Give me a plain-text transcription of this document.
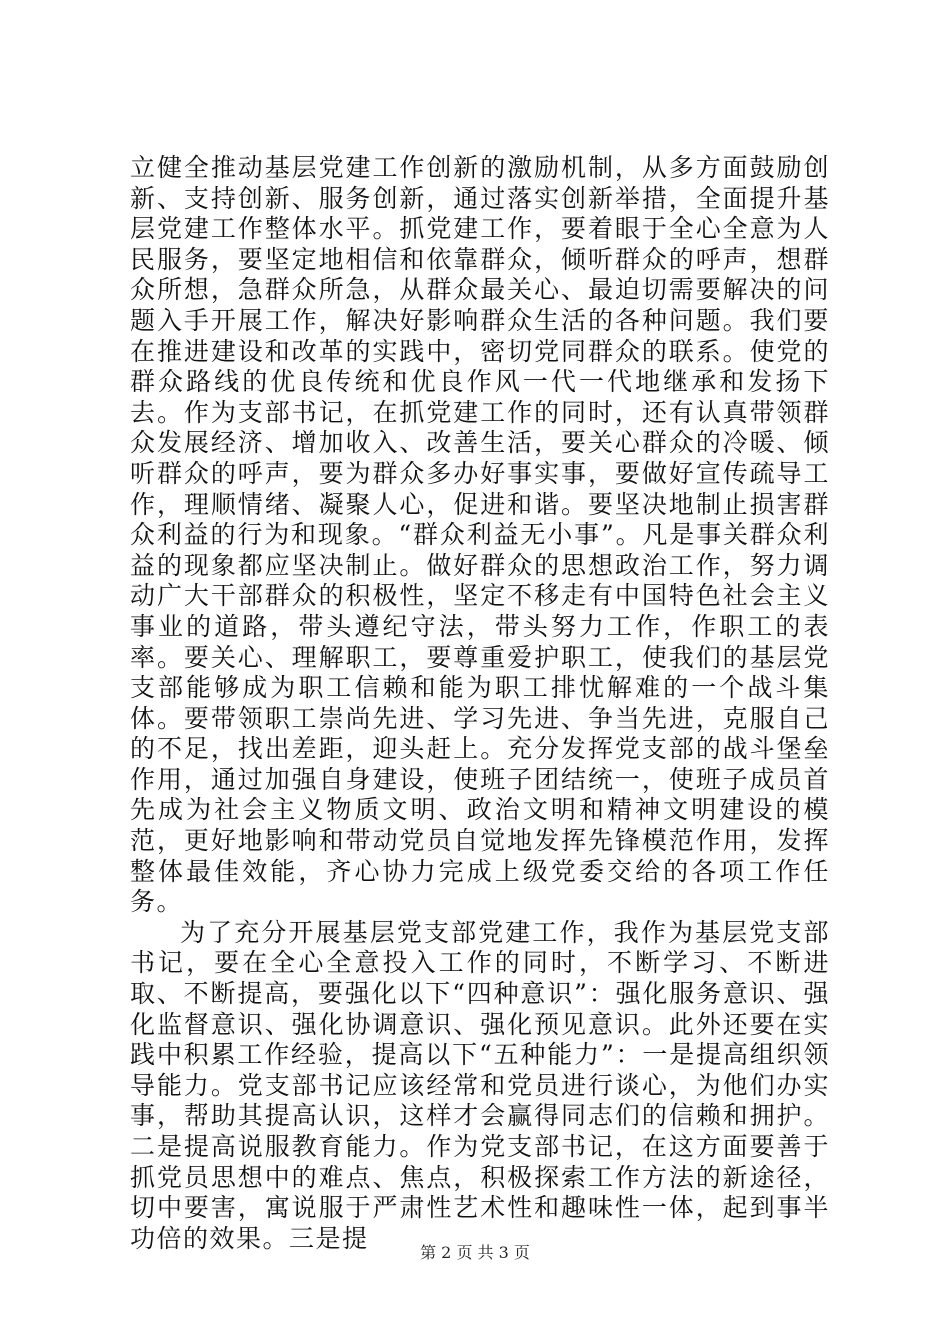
立健全推动基层党建工作创新的激励机制，从多方面鼓励创新、支持创新、服务创新，通过落实创新举措，全面提升基层党建工作整体水平。抓党建工作，要着眼于全心全意为人民服务，要坚定地相信和依靠群众，倾听群众的呼声，想群众所想，急群众所急，从群众最关心、最迫切需要解决的问题入手开展工作，解决好影响群众生活的各种问题。我们要在推进建设和改革的实践中，密切党同群众的联系。使党的群众路线的优良传统和优良作风一代一代地继承和发扬下去。作为支部书记，在抓党建工作的同时，还有认真带领群众发展经济、增加收入、改善生活，要关心群众的冷暖、倾听群众的呼声，要为群众多办好事实事，要做好宣传疏导工作，理顺情绪、凝聚人心，促进和谐。要坚决地制止损害群众利益的行为和现象。“群众利益无小事”。凡是事关群众利益的现象都应坚决制止。做好群众的思想政治工作，努力调动广大干部群众的积极性，坚定不移走有中国特色社会主义事业的道路，带头遵纪守法，带头努力工作，作职工的表率。要关心、理解职工，要尊重爱护职工，使我们的基层党支部能够成为职工信赖和能为职工排忧解难的一个战斗集体。要带领职工崇尚先进、学习先进、争当先进，克服自己的不足，找出差距，迎头赶上。充分发挥党支部的战斗堡垒作用，通过加强自身建设，使班子团结统一，使班子成员首先成为社会主义物质文明、政治文明和精神文明建设的模范，更好地影响和带动党员自觉地发挥先锋模范作用，发挥整体最佳效能，齐心协力完成上级党委交给的各项工作任务。

为了充分开展基层党支部党建工作，我作为基层党支部书记，要在全心全意投入工作的同时，不断学习、不断进取、不断提高，要强化以下“四种意识”：强化服务意识、强化监督意识、强化协调意识、强化预见意识。此外还要在实践中积累工作经验，提高以下“五种能力”：一是提高组织领导能力。党支部书记应该经常和党员进行谈心，为他们办实事，帮助其提高认识，这样才会赢得同志们的信赖和拥护。二是提高说服教育能力。作为党支部书记，在这方面要善于抓党员思想中的难点、焦点，积极探索工作方法的新途径，切中要害，寓说服于严肃性艺术性和趣味性一体，起到事半功倍的效果。三是提	第 2 页 共 3 页
